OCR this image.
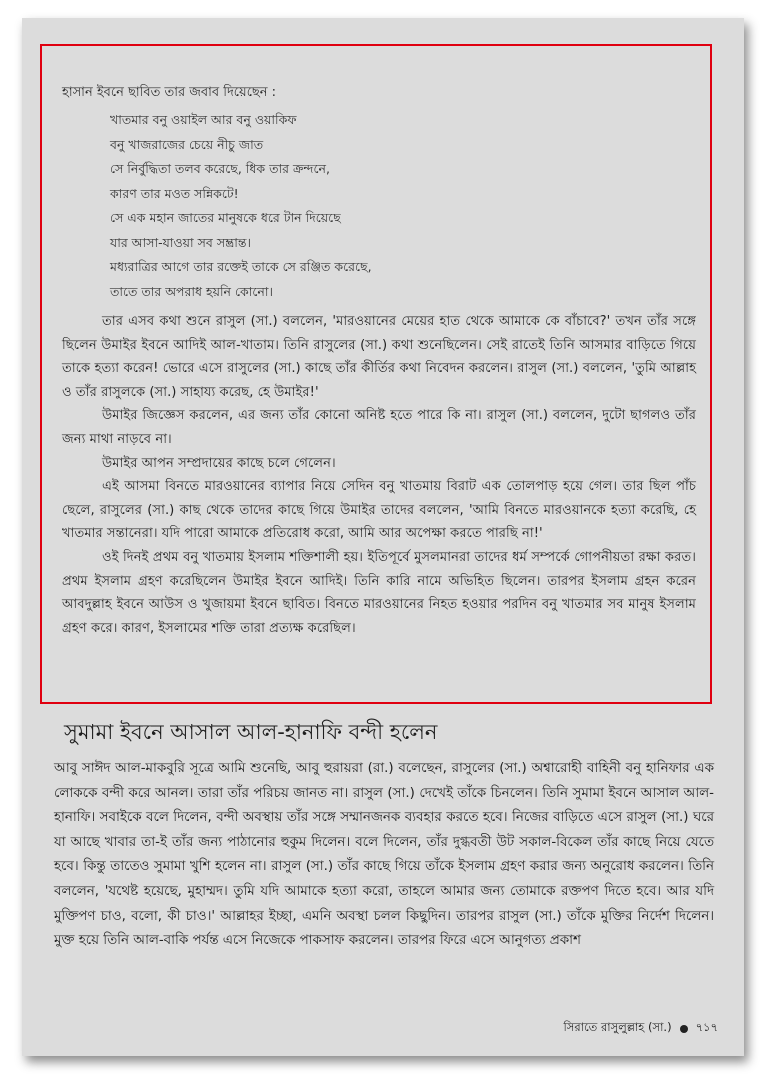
হাসান ইবনে ছাবিত তার জবাব দিয়েছেন :

খাতমার বনু ওয়াইল আর বনু ওয়াকিফ
বনু খাজরাজের চেয়ে নীচু জাত
সে নির্বুদ্ধিতা তলব করেছে, ধিক তার ক্রন্দনে,
কারণ তার মওত সন্নিকটে!
সে এক মহান জাতের মানুষকে ধরে টান দিয়েছে
যার আসা-যাওয়া সব সম্ভ্রান্ত।
মধ্যরাত্রির আগে তার রক্তেই তাকে সে রঞ্জিত করেছে,
তাতে তার অপরাধ হয়নি কোনো।

তার এসব কথা শুনে রাসুল (সা.) বললেন, 'মারওয়ানের মেয়ের হাত থেকে আমাকে কে বাঁচাবে?' তখন তাঁর সঙ্গে ছিলেন উমাইর ইবনে আদিই আল-খাতাম। তিনি রাসুলের (সা.) কথা শুনেছিলেন। সেই রাতেই তিনি আসমার বাড়িতে গিয়ে তাকে হত্যা করেন! ভোরে এসে রাসুলের (সা.) কাছে তাঁর কীর্তির কথা নিবেদন করলেন। রাসুল (সা.) বললেন, 'তুমি আল্লাহ ও তাঁর রাসুলকে (সা.) সাহায্য করেছ, হে উমাইর!'

উমাইর জিজ্ঞেস করলেন, এর জন্য তাঁর কোনো অনিষ্ট হতে পারে কি না। রাসুল (সা.) বললেন, দুটো ছাগলও তাঁর জন্য মাথা নাড়বে না।

উমাইর আপন সম্প্রদায়ের কাছে চলে গেলেন।

এই আসমা বিনতে মারওয়ানের ব্যাপার নিয়ে সেদিন বনু খাতমায় বিরাট এক তোলপাড় হয়ে গেল। তার ছিল পাঁচ ছেলে, রাসুলের (সা.) কাছ থেকে তাদের কাছে গিয়ে উমাইর তাদের বললেন, 'আমি বিনতে মারওয়ানকে হত্যা করেছি, হে খাতমার সন্তানেরা। যদি পারো আমাকে প্রতিরোধ করো, আমি আর অপেক্ষা করতে পারছি না!'

ওই দিনই প্রথম বনু খাতমায় ইসলাম শক্তিশালী হয়। ইতিপূর্বে মুসলমানরা তাদের ধর্ম সম্পর্কে গোপনীয়তা রক্ষা করত। প্রথম ইসলাম গ্রহণ করেছিলেন উমাইর ইবনে আদিই। তিনি কারি নামে অভিহিত ছিলেন। তারপর ইসলাম গ্রহন করেন আবদুল্লাহ ইবনে আউস ও খুজায়মা ইবনে ছাবিত। বিনতে মারওয়ানের নিহত হওয়ার পরদিন বনু খাতমার সব মানুষ ইসলাম গ্রহণ করে। কারণ, ইসলামের শক্তি তারা প্রত্যক্ষ করেছিল।

সুমামা ইবনে আসাল আল-হানাফি বন্দী হলেন

আবু সাঈদ আল-মাকবুরি সূত্রে আমি শুনেছি, আবু হুরায়রা (রা.) বলেছেন, রাসুলের (সা.) অশ্বারোহী বাহিনী বনু হানিফার এক লোককে বন্দী করে আনল। তারা তাঁর পরিচয় জানত না। রাসুল (সা.) দেখেই তাঁকে চিনলেন। তিনি সুমামা ইবনে আসাল আল-হানাফি। সবাইকে বলে দিলেন, বন্দী অবস্থায় তাঁর সঙ্গে সম্মানজনক ব্যবহার করতে হবে। নিজের বাড়িতে এসে রাসুল (সা.) ঘরে যা আছে খাবার তা-ই তাঁর জন্য পাঠানোর হুকুম দিলেন। বলে দিলেন, তাঁর দুগ্ধবতী উট সকাল-বিকেল তাঁর কাছে নিয়ে যেতে হবে। কিন্তু তাতেও সুমামা খুশি হলেন না। রাসুল (সা.) তাঁর কাছে গিয়ে তাঁকে ইসলাম গ্রহণ করার জন্য অনুরোধ করলেন। তিনি বললেন, 'যথেষ্ট হয়েছে, মুহাম্মদ। তুমি যদি আমাকে হত্যা করো, তাহলে আমার জন্য তোমাকে রক্তপণ দিতে হবে। আর যদি মুক্তিপণ চাও, বলো, কী চাও।' আল্লাহর ইচ্ছা, এমনি অবস্থা চলল কিছুদিন। তারপর রাসুল (সা.) তাঁকে মুক্তির নির্দেশ দিলেন। মুক্ত হয়ে তিনি আল-বাকি পর্যন্ত এসে নিজেকে পাকসাফ করলেন। তারপর ফিরে এসে আনুগত্য প্রকাশ

সিরাতে রাসুলুল্লাহ (সা.) ৭১৭
